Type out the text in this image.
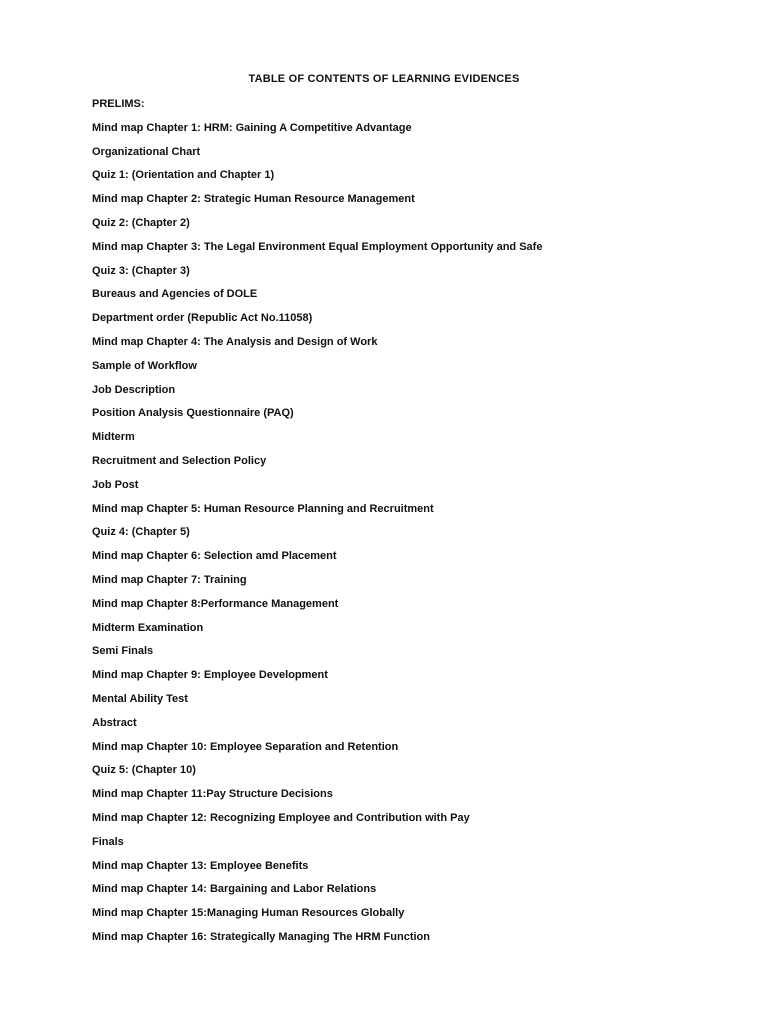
TABLE OF CONTENTS OF LEARNING EVIDENCES
PRELIMS:
Mind map Chapter 1: HRM: Gaining A Competitive Advantage
Organizational Chart
Quiz 1: (Orientation and Chapter 1)
Mind map Chapter 2: Strategic Human Resource Management
Quiz 2: (Chapter 2)
Mind map Chapter 3: The Legal Environment Equal Employment Opportunity and Safe
Quiz 3: (Chapter 3)
Bureaus and Agencies of DOLE
Department order (Republic Act No.11058)
Mind map Chapter 4: The Analysis and Design of Work
Sample of Workflow
Job Description
Position Analysis Questionnaire (PAQ)
Midterm
Recruitment and Selection Policy
Job Post
Mind map Chapter 5: Human Resource Planning and Recruitment
Quiz 4: (Chapter 5)
Mind map Chapter 6: Selection amd Placement
Mind map Chapter 7: Training
Mind map Chapter 8:Performance Management
Midterm Examination
Semi Finals
Mind map Chapter 9: Employee Development
Mental Ability Test
Abstract
Mind map Chapter 10: Employee Separation and Retention
Quiz 5: (Chapter 10)
Mind map Chapter 11:Pay Structure Decisions
Mind map Chapter 12: Recognizing Employee and Contribution with Pay
Finals
Mind map Chapter 13: Employee Benefits
Mind map Chapter 14: Bargaining and Labor Relations
Mind map Chapter 15:Managing Human Resources Globally
Mind map Chapter 16: Strategically Managing The HRM Function
